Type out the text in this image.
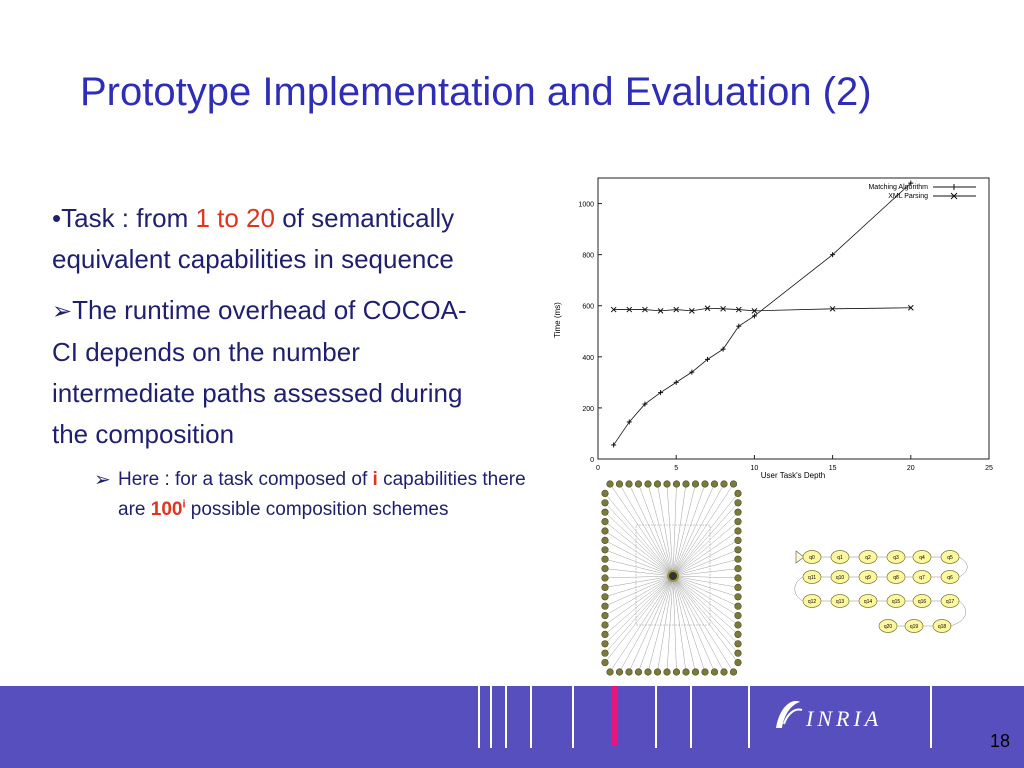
Prototype Implementation and Evaluation (2)
•Task : from 1 to 20 of semantically equivalent capabilities in sequence
➢The runtime overhead of COCOA-CI depends on the number intermediate paths assessed during the composition
➢ Here : for a task composed of i capabilities there are 100$^i$ possible composition schemes
0
200
400
600
800
1000
0	5	10	15	20	25
Time (ms)
User Task's Depth
Matching Algorithm
XML Parsing
q0	q1	q2	q3	q4	q5
q11	q10	q9	q8	q7	q6
q12	q13	q14	q15	q16	q17
q20	q19	q18
INRIA
18
